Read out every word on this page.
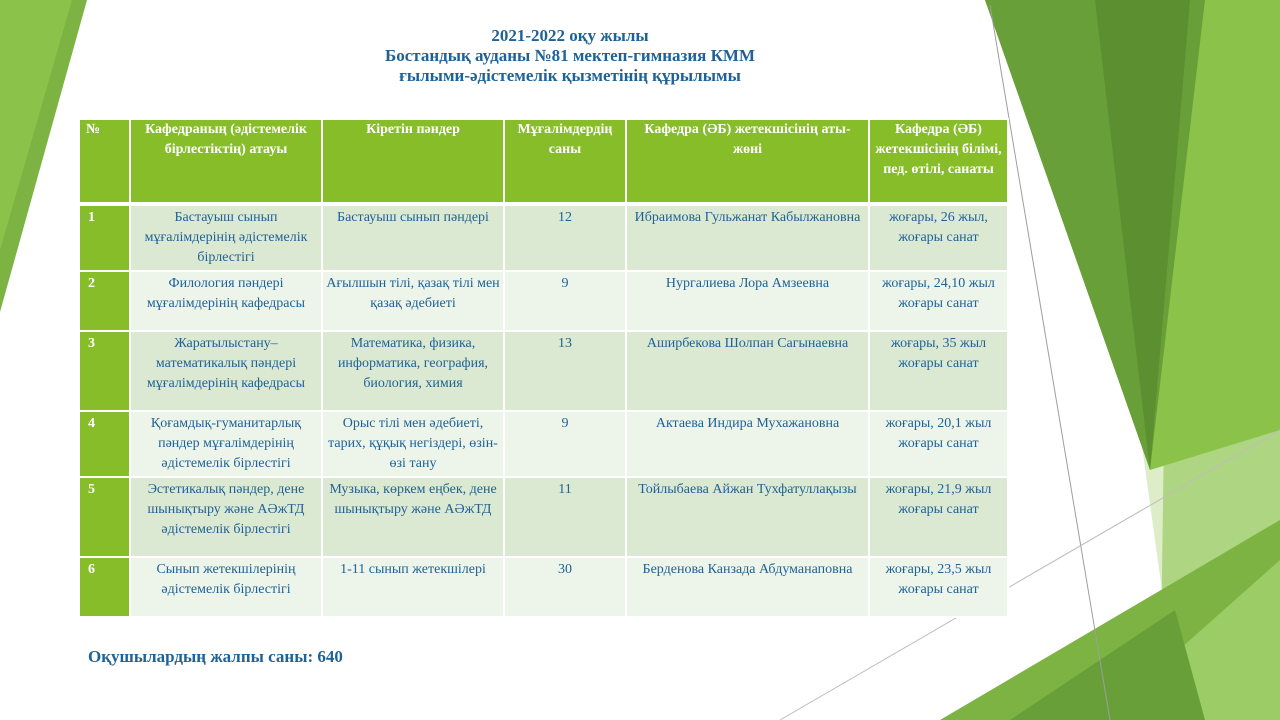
2021-2022 оқу жылы
Бостандық ауданы №81 мектеп-гимназия КММ
ғылыми-әдістемелік қызметінің құрылымы
№	Кафедраның (әдістемелік бірлестіктің) атауы	Кіретін пәндер	Мұғалімдердің саны	Кафедра (ӘБ) жетекшісінің аты-жөні	Кафедра (ӘБ) жетекшісінің білімі, пед. өтілі, санаты
1	Бастауыш сынып мұғалімдерінің әдістемелік бірлестігі	Бастауыш сынып пәндері	12	Ибраимова Гульжанат Кабылжановна	жоғары, 26 жыл, жоғары санат
2	Филология пәндері мұғалімдерінің кафедрасы	Ағылшын тілі, қазақ тілі мен қазақ әдебиеті	9	Нургалиева Лора Амзеевна	жоғары, 24,10 жыл жоғары санат
3	Жаратылыстану–математикалық пәндері мұғалімдерінің кафедрасы	Математика, физика, информатика, география, биология, химия	13	Аширбекова Шолпан Сагынаевна	жоғары, 35 жыл жоғары санат
4	Қоғамдық-гуманитарлық пәндер мұғалімдерінің әдістемелік бірлестігі	Орыс тілі мен әдебиеті, тарих, құқық негіздері, өзін-өзі тану	9	Актаева Индира Мухажановна	жоғары, 20,1 жыл жоғары санат
5	Эстетикалық пәндер, дене шынықтыру және АӘжТД әдістемелік бірлестігі	Музыка, көркем еңбек, дене шынықтыру және АӘжТД	11	Тойлыбаева Айжан Тухфатуллақызы	жоғары, 21,9 жыл жоғары санат
6	Сынып жетекшілерінің әдістемелік бірлестігі	1-11 сынып жетекшілері	30	Берденова Канзада Абдуманаповна	жоғары, 23,5 жыл жоғары санат
Оқушылардың жалпы саны: 640
